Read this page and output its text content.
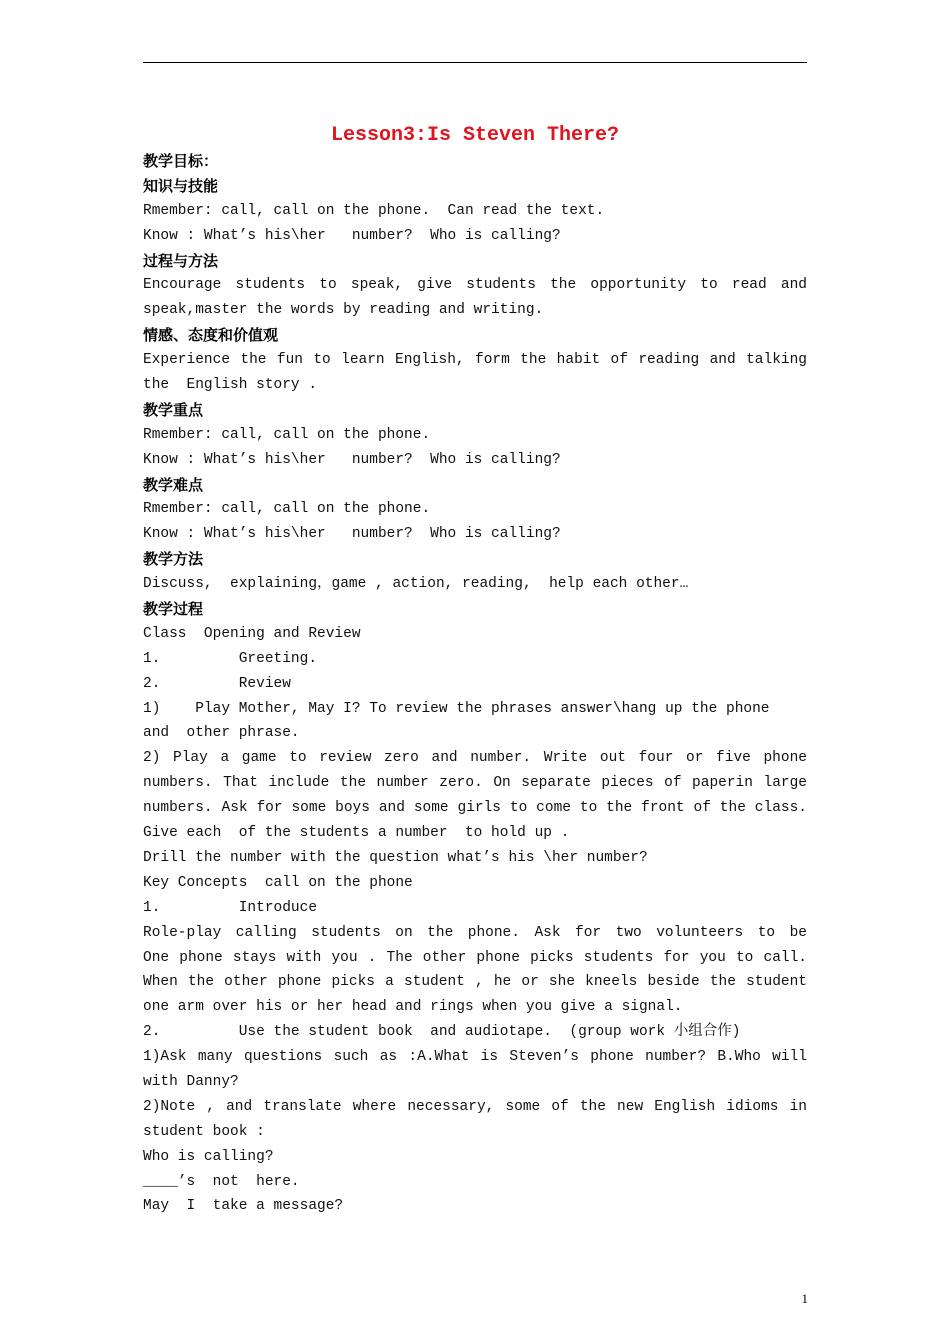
Lesson3:Is Steven There?
教学目标：
知识与技能
Rmember: call, call on the phone.  Can read the text.
Know : What’s his\her   number?  Who is calling?
过程与方法
Encourage students to speak, give students the opportunity to read and
speak,master the words by reading and writing.
情感、态度和价值观
Experience the fun to learn English, form the habit of reading and talking
the  English story .
教学重点
Rmember: call, call on the phone.
Know : What’s his\her   number?  Who is calling?
教学难点
Rmember: call, call on the phone.
Know : What’s his\her   number?  Who is calling?
教学方法
Discuss,  explaining，game , action, reading,  help each other…
教学过程
Class  Opening and Review
1.         Greeting.
2.         Review
1)    Play Mother, May I? To review the phrases answer\hang up the phone
and  other phrase.
2) Play a game to review zero and number. Write out four or five phone
numbers. That include the number zero. On separate pieces of paperin large
numbers. Ask for some boys and some girls to come to the front of the class.
Give each  of the students a number  to hold up .
Drill the number with the question what’s his \her number?
Key Concepts  call on the phone
1.         Introduce
Role-play calling students on the phone. Ask for two volunteers to be
One phone stays with you . The other phone picks students for you to call.
When the other phone picks a student , he or she kneels beside the student
one arm over his or her head and rings when you give a signal.
2.         Use the student book  and audiotape.  (group work 小组合作)
1)Ask many questions such as :A.What is Steven’s phone number? B.Who will
with Danny?
2)Note , and translate where necessary, some of the new English idioms in
student book :
Who is calling?
____’s  not  here.
May  I  take a message?
1
